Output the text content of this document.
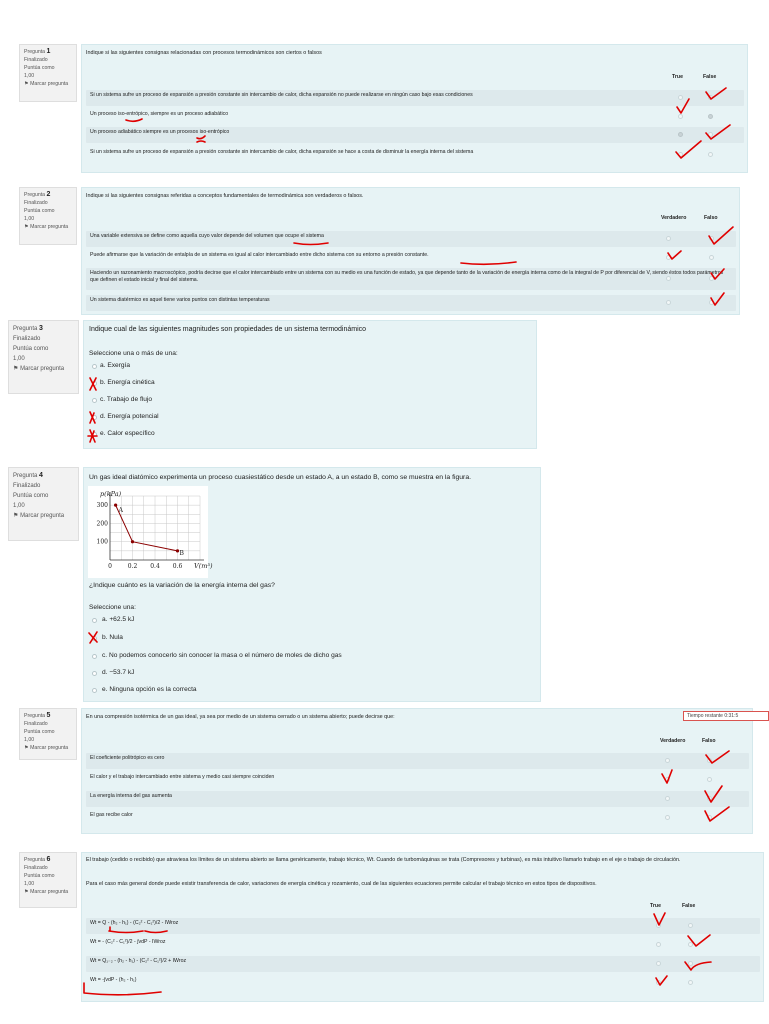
Pregunta 1
Finalizado
Puntúa como
1,00
⚑ Marcar pregunta
Indique si las siguientes consignas relacionadas con procesos termodinámicos son ciertos o falsos
True	False
Si un sistema sufre un proceso de expansión a presión constante sin intercambio de calor, dicha expansión no puede realizarse en ningún caso bajo esas condiciones
Un proceso iso-entrópico, siempre es un proceso adiabático
Un proceso adiabático siempre es un procesos iso-entrópico
Si un sistema sufre un proceso de expansión a presión constante sin intercambio de calor, dicha expansión se hace a costa de disminuir la energía interna del sistema
Pregunta 2
Finalizado
Puntúa como
1,00
⚑ Marcar pregunta
Indique si las siguientes consignas referidas a conceptos fundamentales de termodinámica son verdaderos o falsos.
Verdadero	Falso
Una variable extensiva se define como aquella cuyo valor depende del volumen que ocupe el sistema
Puede afirmarse que la variación de entalpía de un sistema es igual al calor intercambiado entre dicho sistema con su entorno a presión constante.
Haciendo un razonamiento macroscópico, podría decirse que el calor intercambiado entre un sistema con su medio es una función de estado, ya que depende tanto de la variación de energía interna como de la integral de P por diferencial de V, siendo éstos todos parámetros que definen el estado inicial y final del sistema.
Un sistema diatérmico es aquel tiene varios puntos con distintas temperaturas
Pregunta 3
Finalizado
Puntúa como
1,00
⚑ Marcar pregunta
Indique cual de las siguientes magnitudes son propiedades de un sistema termodinámico
Seleccione una o más de una:
a. Exergía
b. Energía cinética
c. Trabajo de flujo
d. Energía potencial
e. Calor específico
Pregunta 4
Finalizado
Puntúa como
1,00
⚑ Marcar pregunta
Un gas ideal diatómico experimenta un proceso cuasiestático desde un estado A, a un estado B, como se muestra en la figura.
0	0.2 0.4 0.6
100
200
300
p(kPa)
V(m³)
A
B
¿Indique cuánto es la variación de la energía interna del gas?
Seleccione una:
a. +62.5 kJ
b. Nula
c. No podemos conocerlo sin conocer la masa o el número de moles de dicho gas
d. −53.7 kJ
e. Ninguna opción es la correcta
Pregunta 5
Finalizado
Puntúa como
1,00
⚑ Marcar pregunta
En una compresión isotérmica de un gas ideal, ya sea por medio de un sistema cerrado o un sistema abierto; puede decirse que:	Tiempo restante 0:31:5
Verdadero	Falso
El coeficiente politrópico es cero
El calor y el trabajo intercambiado entre sistema y medio casi siempre coinciden
La energía interna del gas aumenta
El gas recibe calor
Pregunta 6
Finalizado
Puntúa como
1,00
⚑ Marcar pregunta
El trabajo (cedido o recibido) que atraviesa los límites de un sistema abierto se llama genéricamente, trabajo técnico, Wt. Cuando de turbomáquinas se trata (Compresores y turbinas), es más intuitivo llamarlo trabajo en el eje o trabajo de circulación.
Para el caso más general donde puede existir transferencia de calor, variaciones de energía cinética y rozamiento, cual de las siguientes ecuaciones permite calcular el trabajo técnico en estos tipos de dispositivos.
True	False
Wt = Q - (h₂ - h₁) - (C₂² - C₁²)/2 - IWroz
Wt = - (C₂² - C₁²)/2 - ∫vdP - IWroz
Wt = Q₁₋₂ - (h₂ - h₁) - (C₂² - C₁²)/2 + IWroz
Wt = -∫vdP - (h₂ - h₁)
